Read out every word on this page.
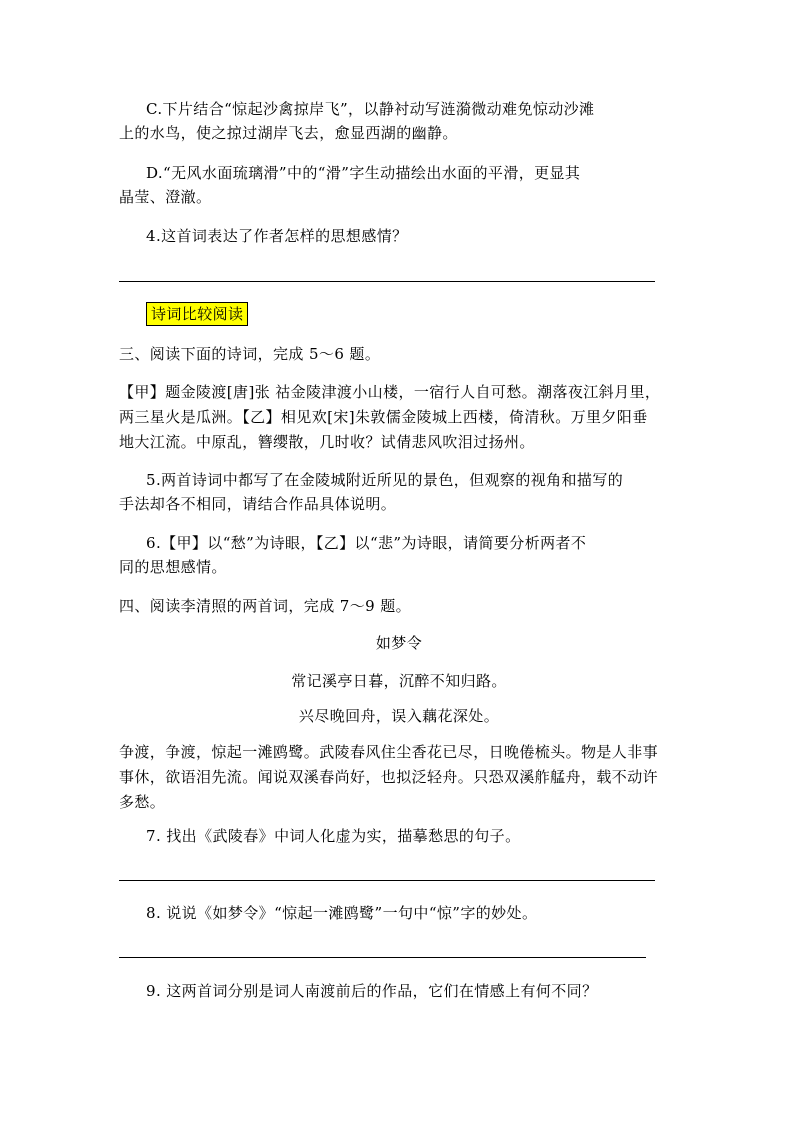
C.下片结合“惊起沙禽掠岸飞”，以静衬动写涟漪微动难免惊动沙滩
上的水鸟，使之掠过湖岸飞去，愈显西湖的幽静。
D.“无风水面琉璃滑”中的“滑”字生动描绘出水面的平滑，更显其
晶莹、澄澈。
4.这首词表达了作者怎样的思想感情？
诗词比较阅读
三、阅读下面的诗词，完成 5～6 题。
【甲】题金陵渡[唐]张 祜金陵津渡小山楼，一宿行人自可愁。潮落夜江斜月里，
两三星火是瓜洲。【乙】相见欢[宋]朱敦儒金陵城上西楼，倚清秋。万里夕阳垂
地大江流。中原乱，簪缨散，几时收？试倩悲风吹泪过扬州。
5.两首诗词中都写了在金陵城附近所见的景色，但观察的视角和描写的
手法却各不相同，请结合作品具体说明。
6.【甲】以“愁”为诗眼，【乙】以“悲”为诗眼，请简要分析两者不
同的思想感情。
四、阅读李清照的两首词，完成 7～9 题。
如梦令
常记溪亭日暮，沉醉不知归路。
兴尽晚回舟，误入藕花深处。
争渡，争渡，惊起一滩鸥鹭。武陵春风住尘香花已尽，日晚倦梳头。物是人非事
事休，欲语泪先流。闻说双溪春尚好，也拟泛轻舟。只恐双溪舴艋舟，载不动许
多愁。
7. 找出《武陵春》中词人化虚为实，描摹愁思的句子。
8. 说说《如梦令》“惊起一滩鸥鹭”一句中“惊”字的妙处。
9. 这两首词分别是词人南渡前后的作品，它们在情感上有何不同？
